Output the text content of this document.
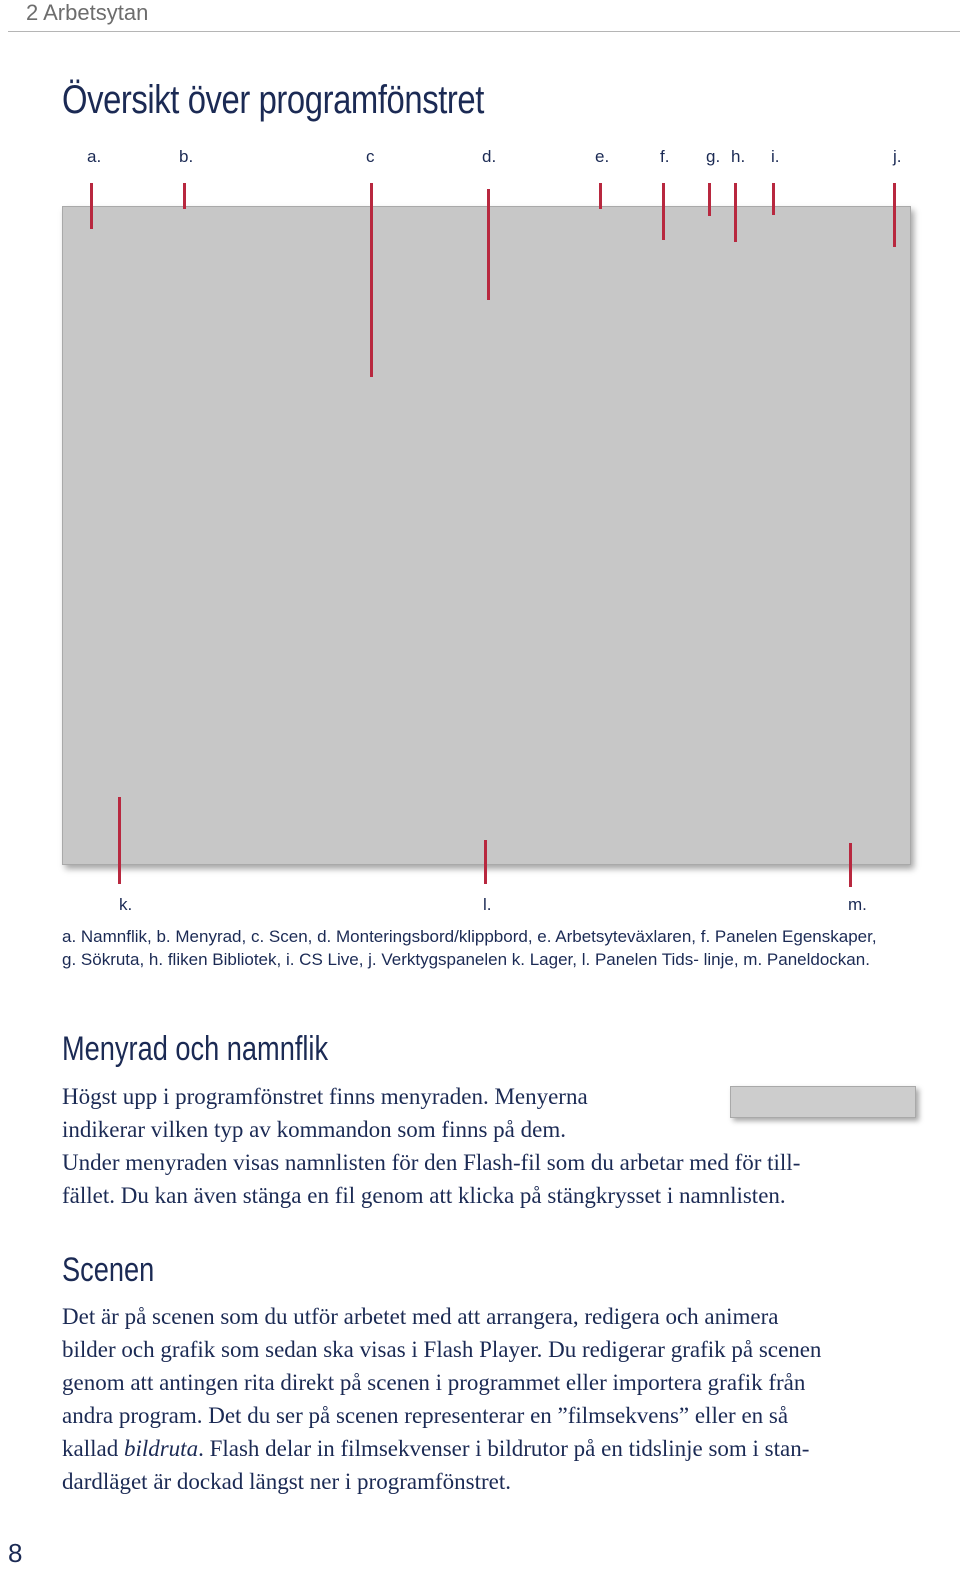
2 Arbetsytan
Översikt över programfönstret
a.	b.	c	d.	e.	f. g. h. i.	j.
k.	l.	m.

a. Namnflik, b. Menyrad, c. Scen, d. Monteringsbord/klippbord, e. Arbetsyteväxlaren, f. Panelen Egenskaper, g. Sökruta, h. fliken Bibliotek, i. CS Live, j. Verktygspanelen k. Lager, l. Panelen Tids- linje, m. Paneldockan.

Menyrad och namnflik

Högst upp i programfönstret finns menyraden. Menyerna

indikerar vilken typ av kommandon som finns på dem.

Under menyraden visas namnlisten för den Flash-fil som du arbetar med för till-

fället. Du kan även stänga en fil genom att klicka på stängkrysset i namnlisten.

Scenen

Det är på scenen som du utför arbetet med att arrangera, redigera och animera

bilder och grafik som sedan ska visas i Flash Player. Du redigerar grafik på scenen

genom att antingen rita direkt på scenen i programmet eller importera grafik från

andra program. Det du ser på scenen representerar en ”filmsekvens” eller en så

kallad bildruta. Flash delar in filmsekvenser i bildrutor på en tidslinje som i stan-

dardläget är dockad längst ner i programfönstret.

8
